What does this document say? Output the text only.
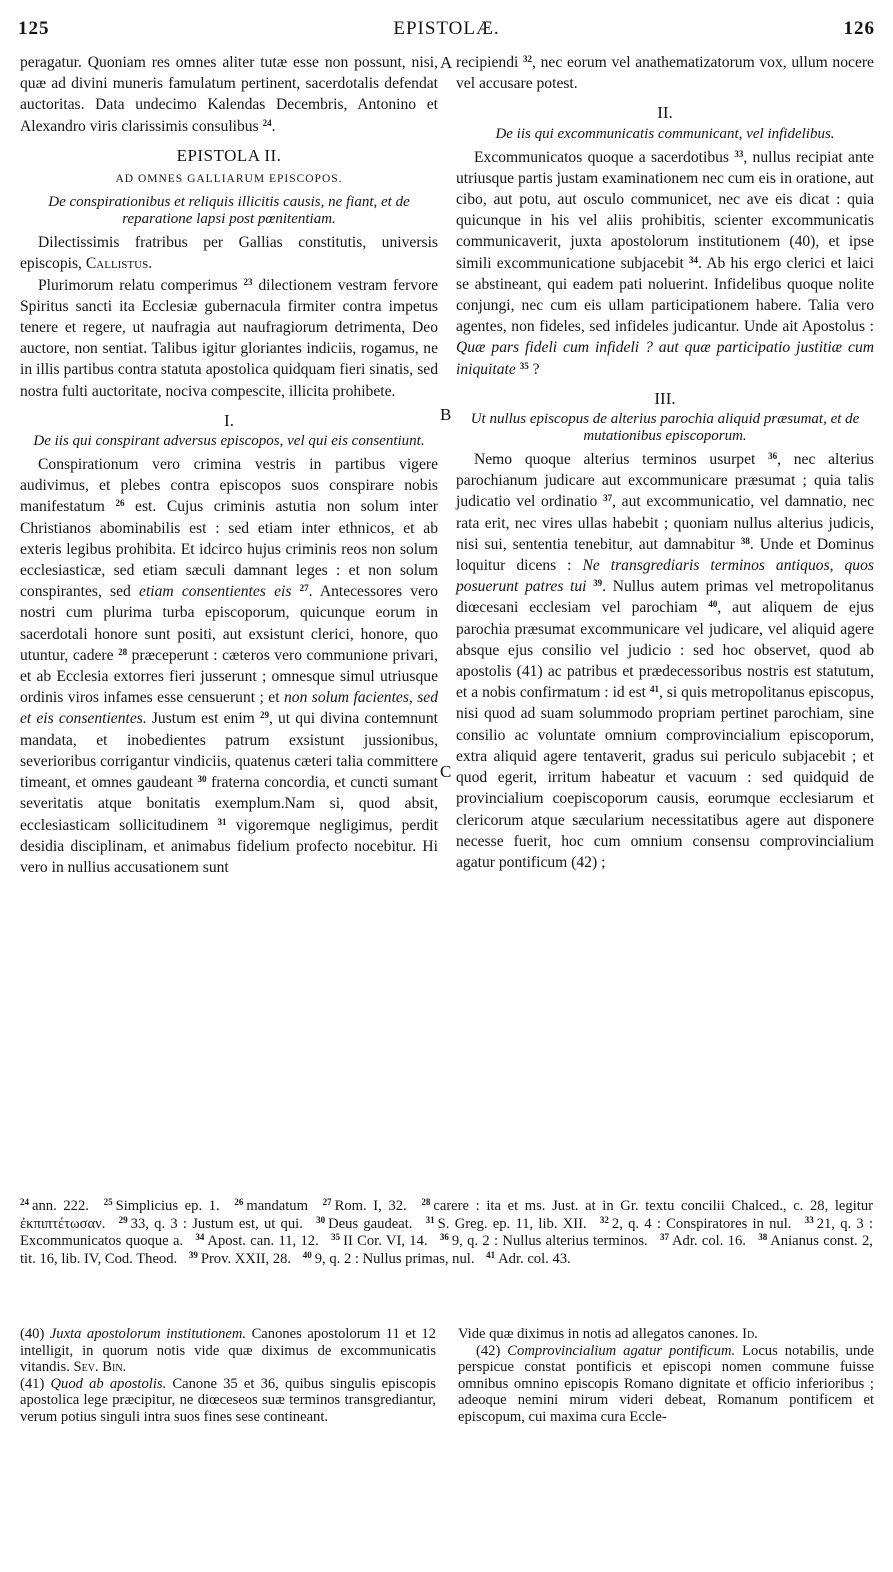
125	EPISTOLÆ.	126
A
B
C

peragatur. Quoniam res omnes aliter tutæ esse non possunt, nisi, quæ ad divini muneris famulatum pertinent, sacerdotalis defendat auctoritas. Data undecimo Kalendas Decembris, Antonino et Alexandro viris clarissimis consulibus $^{24}$.

EPISTOLA II.
AD OMNES GALLIARUM EPISCOPOS.
De conspirationibus et reliquis illicitis causis, ne fiant, et de reparatione lapsi post pœnitentiam.

Dilectissimis fratribus per Gallias constitutis, universis episcopis, Callistus.

Plurimorum relatu comperimus $^{23}$ dilectionem vestram fervore Spiritus sancti ita Ecclesiæ gubernacula firmiter contra impetus tenere et regere, ut naufragia aut naufragiorum detrimenta, Deo auctore, non sentiat. Talibus igitur gloriantes indiciis, rogamus, ne in illis partibus contra statuta apostolica quidquam fieri sinatis, sed nostra fulti auctoritate, nociva compescite, illicita prohibete.

I.
De iis qui conspirant adversus episcopos, vel qui eis consentiunt.

Conspirationum vero crimina vestris in partibus vigere audivimus, et plebes contra episcopos suos conspirare nobis manifestatum $^{26}$ est. Cujus criminis astutia non solum inter Christianos abominabilis est : sed etiam inter ethnicos, et ab exteris legibus prohibita. Et idcirco hujus criminis reos non solum ecclesiasticæ, sed etiam sæculi damnant leges : et non solum conspirantes, sed etiam consentientes eis $^{27}$. Antecessores vero nostri cum plurima turba episcoporum, quicunque eorum in sacerdotali honore sunt positi, aut exsistunt clerici, honore, quo utuntur, cadere $^{28}$ præceperunt : cæteros vero communione privari, et ab Ecclesia extorres fieri jusserunt ; omnesque simul utriusque ordinis viros infames esse censuerunt ; et non solum facientes, sed et eis consentientes. Justum est enim $^{29}$, ut qui divina contemnunt mandata, et inobedientes patrum exsistunt jussionibus, severioribus corrigantur vindiciis, quatenus cæteri talia committere timeant, et omnes gaudeant $^{30}$ fraterna concordia, et cuncti sumant severitatis atque bonitatis exemplum.Nam si, quod absit, ecclesiasticam sollicitudinem $^{31}$ vigoremque negligimus, perdit desidia disciplinam, et animabus fidelium profecto nocebitur. Hi vero in nullius accusationem sunt

recipiendi $^{32}$, nec eorum vel anathematizatorum vox, ullum nocere vel accusare potest.

II.
De iis qui excommunicatis communicant, vel infidelibus.

Excommunicatos quoque a sacerdotibus $^{33}$, nullus recipiat ante utriusque partis justam examinationem nec cum eis in oratione, aut cibo, aut potu, aut osculo communicet, nec ave eis dicat : quia quicunque in his vel aliis prohibitis, scienter excommunicatis communicaverit, juxta apostolorum institutionem (40), et ipse simili excommunicatione subjacebit $^{34}$. Ab his ergo clerici et laici se abstineant, qui eadem pati noluerint. Infidelibus quoque nolite conjungi, nec cum eis ullam participationem habere. Talia vero agentes, non fideles, sed infideles judicantur. Unde ait Apostolus : Quæ pars fideli cum infideli ? aut quæ participatio justitiæ cum iniquitate $^{35}$ ?

III.
Ut nullus episcopus de alterius parochia aliquid præsumat, et de mutationibus episcoporum.

Nemo quoque alterius terminos usurpet $^{36}$, nec alterius parochianum judicare aut excommunicare præsumat ; quia talis judicatio vel ordinatio $^{37}$, aut excommunicatio, vel damnatio, nec rata erit, nec vires ullas habebit ; quoniam nullus alterius judicis, nisi sui, sententia tenebitur, aut damnabitur $^{38}$. Unde et Dominus loquitur dicens : Ne transgrediaris terminos antiquos, quos posuerunt patres tui $^{39}$. Nullus autem primas vel metropolitanus diœcesani ecclesiam vel parochiam $^{40}$, aut aliquem de ejus parochia præsumat excommunicare vel judicare, vel aliquid agere absque ejus consilio vel judicio : sed hoc observet, quod ab apostolis (41) ac patribus et prædecessoribus nostris est statutum, et a nobis confirmatum : id est $^{41}$, si quis metropolitanus episcopus, nisi quod ad suam solummodo propriam pertinet parochiam, sine consilio ac voluntate omnium comprovincialium episcoporum, extra aliquid agere tentaverit, gradus sui periculo subjacebit ; et quod egerit, irritum habeatur et vacuum : sed quidquid de provincialium coepiscoporum causis, eorumque ecclesiarum et clericorum atque sæcularium necessitatibus agere aut disponere necesse fuerit, hoc cum omnium consensu comprovincialium agatur pontificum (42) ;

$^{24}$ ann. 222. $^{25}$ Simplicius ep. 1. $^{26}$ mandatum $^{27}$ Rom. I, 32. $^{28}$ carere : ita et ms. Just. at in Gr. textu concilii Chalced., c. 28, legitur ἐκπιπτέτωσαν. $^{29}$ 33, q. 3 : Justum est, ut qui. $^{30}$ Deus gaudeat. $^{31}$ S. Greg. ep. 11, lib. XII. $^{32}$ 2, q. 4 : Conspiratores in nul. $^{33}$ 21, q. 3 : Excommunicatos quoque a. $^{34}$ Apost. can. 11, 12. $^{35}$ II Cor. VI, 14. $^{36}$ 9, q. 2 : Nullus alterius terminos. $^{37}$ Adr. col. 16. $^{38}$ Anianus const. 2, tit. 16, lib. IV, Cod. Theod. $^{39}$ Prov. XXII, 28. $^{40}$ 9, q. 2 : Nullus primas, nul. $^{41}$ Adr. col. 43.

(40) Juxta apostolorum institutionem. Canones apostolorum 11 et 12 intelligit, in quorum notis vide quæ diximus de excommunicatis vitandis. Sev. Bin.

(41) Quod ab apostolis. Canone 35 et 36, quibus singulis episcopis apostolica lege præcipitur, ne diœceseos suæ terminos transgrediantur, verum potius singuli intra suos fines sese contineant.

Vide quæ diximus in notis ad allegatos canones. Id.

(42) Comprovincialium agatur pontificum. Locus notabilis, unde perspicue constat pontificis et episcopi nomen commune fuisse omnibus omnino episcopis Romano dignitate et officio inferioribus ; adeoque nemini mirum videri debeat, Romanum pontificem et episcopum, cui maxima cura Eccle-
